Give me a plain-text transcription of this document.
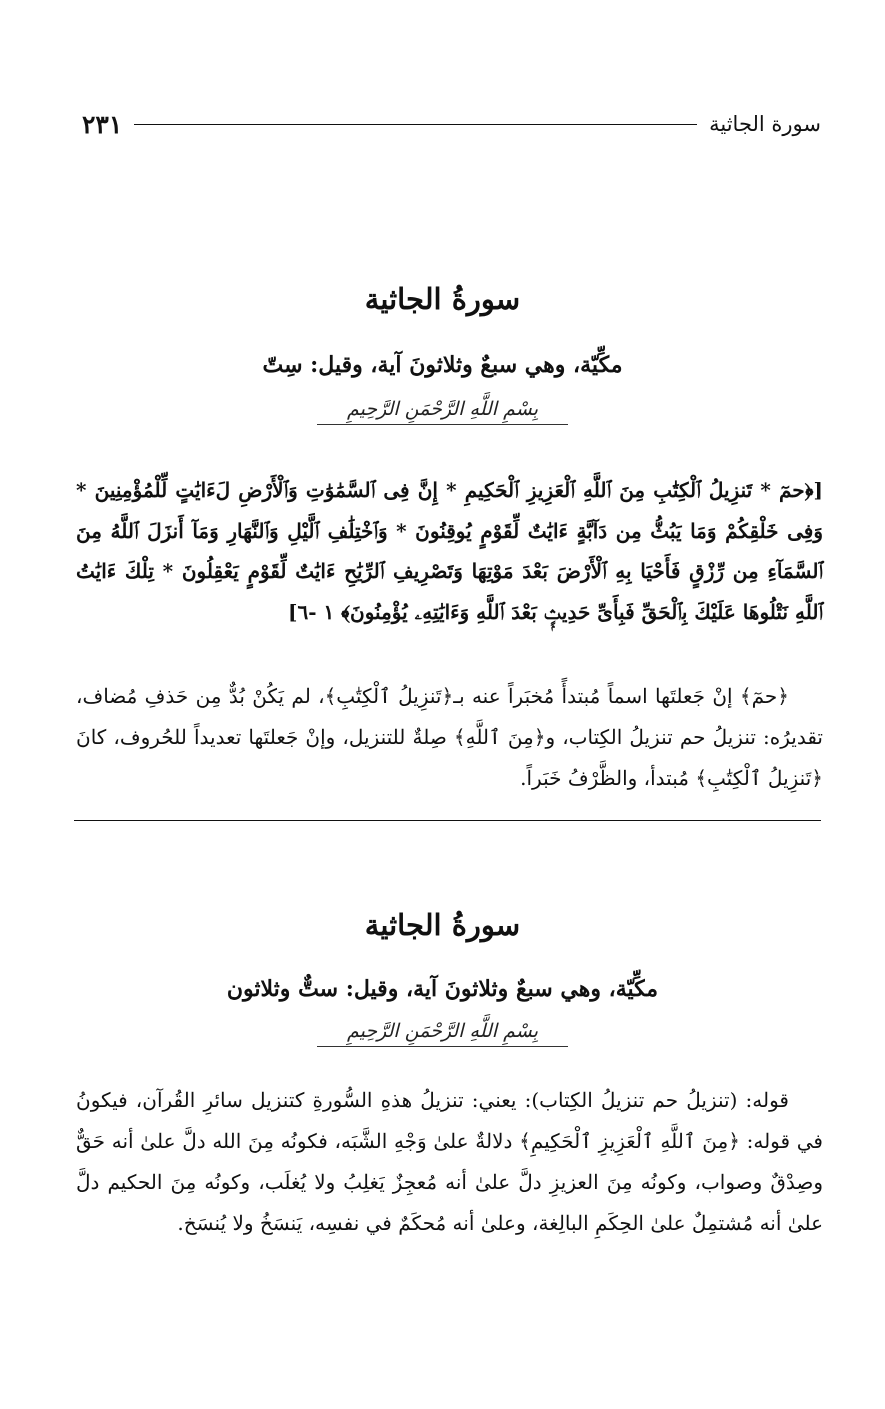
سورة الجاثية
٢٣١
سورةُ الجاثية
مكِّيّة، وهي سبعٌ وثلاثونَ آية، وقيل: سِتّ
بِسْمِ اللَّهِ الرَّحْمَنِ الرَّحِيمِ
[﴿حمٓ * تَنزِيلُ ٱلْكِتَٰبِ مِنَ ٱللَّهِ ٱلْعَزِيزِ ٱلْحَكِيمِ * إِنَّ فِى ٱلسَّمَٰوَٰتِ وَٱلْأَرْضِ لَءَايَٰتٍ لِّلْمُؤْمِنِينَ * وَفِى خَلْقِكُمْ وَمَا يَبُثُّ مِن دَآبَّةٍ ءَايَٰتٌ لِّقَوْمٍ يُوقِنُونَ * وَٱخْتِلَٰفِ ٱلَّيْلِ وَٱلنَّهَارِ وَمَآ أَنزَلَ ٱللَّهُ مِنَ ٱلسَّمَآءِ مِن رِّزْقٍ فَأَحْيَا بِهِ ٱلْأَرْضَ بَعْدَ مَوْتِهَا وَتَصْرِيفِ ٱلرِّيَٰحِ ءَايَٰتٌ لِّقَوْمٍ يَعْقِلُونَ * تِلْكَ ءَايَٰتُ ٱللَّهِ نَتْلُوهَا عَلَيْكَ بِٱلْحَقِّ فَبِأَىِّ حَدِيثٍۭ بَعْدَ ٱللَّهِ وَءَايَٰتِهِۦ يُؤْمِنُونَ﴾ ١ -٦]
﴿حمٓ﴾ إنْ جَعلتَها اسماً مُبتدأً مُخبَراً عنه بـ﴿تَنزِيلُ ٱلْكِتَٰبِ﴾، لم يَكُنْ بُدٌّ مِن حَذفِ مُضاف، تقديرُه: تنزيلُ حم تنزيلُ الكِتاب، و﴿مِنَ ٱللَّهِ﴾ صِلةٌ للتنزيل، وإنْ جَعلتَها تعديداً للحُروف، كانَ ﴿تَنزِيلُ ٱلْكِتَٰبِ﴾ مُبتدأ، والظَّرْفُ خَبَراً.
سورةُ الجاثية
مكِّيّة، وهي سبعٌ وثلاثونَ آية، وقيل: ستٌّ وثلاثون
بِسْمِ اللَّهِ الرَّحْمَنِ الرَّحِيمِ
قوله: (تنزيلُ حم تنزيلُ الكِتاب): يعني: تنزيلُ هذهِ السُّورةِ كتنزيل سائرِ القُرآن، فيكونُ في قوله: ﴿مِنَ ٱللَّهِ ٱلْعَزِيزِ ٱلْحَكِيمِ﴾ دلالةٌ علىٰ وَجْهِ الشَّبَه، فكونُه مِنَ الله دلَّ علىٰ أنه حَقٌّ وصِدْقٌ وصواب، وكونُه مِنَ العزيزِ دلَّ علىٰ أنه مُعجِزٌ يَغلِبُ ولا يُغلَب، وكونُه مِنَ الحكيم دلَّ علىٰ أنه مُشتمِلٌ علىٰ الحِكَمِ البالِغة، وعلىٰ أنه مُحكَمٌ في نفسِه، يَنسَخُ ولا يُنسَخ.
